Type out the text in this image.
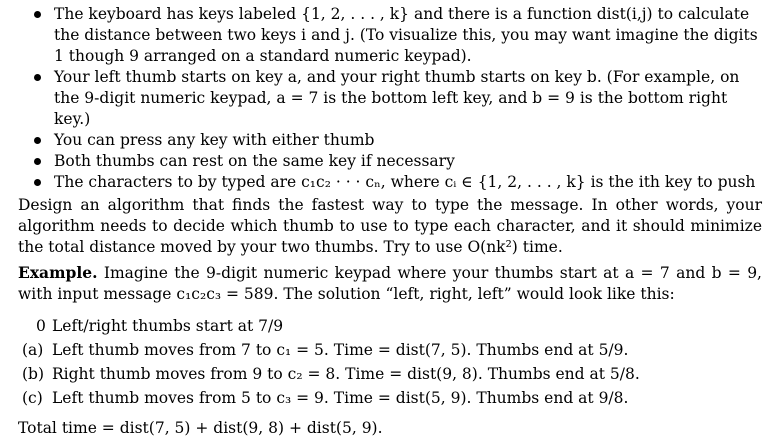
The keyboard has keys labeled {1, 2, . . . , k} and there is a function dist(i,j) to calculate the distance between two keys i and j. (To visualize this, you may want imagine the digits 1 though 9 arranged on a standard numeric keypad).
Your left thumb starts on key a, and your right thumb starts on key b. (For example, on the 9-digit numeric keypad, a = 7 is the bottom left key, and b = 9 is the bottom right key.)
You can press any key with either thumb
Both thumbs can rest on the same key if necessary
The characters to by typed are c₁c₂ · · · cₙ, where cᵢ ∈ {1, 2, . . . , k} is the ith key to push

Design an algorithm that finds the fastest way to type the message. In other words, your algorithm needs to decide which thumb to use to type each character, and it should minimize the total distance moved by your two thumbs. Try to use O(nk²) time.

Example. Imagine the 9-digit numeric keypad where your thumbs start at a = 7 and b = 9, with input message c₁c₂c₃ = 589. The solution “left, right, left” would look like this:

0 Left/right thumbs start at 7/9
(a) Left thumb moves from 7 to c₁ = 5. Time = dist(7, 5). Thumbs end at 5/9.
(b) Right thumb moves from 9 to c₂ = 8. Time = dist(9, 8). Thumbs end at 5/8.
(c) Left thumb moves from 5 to c₃ = 9. Time = dist(5, 9). Thumbs end at 9/8.
Total time = dist(7, 5) + dist(9, 8) + dist(5, 9).
